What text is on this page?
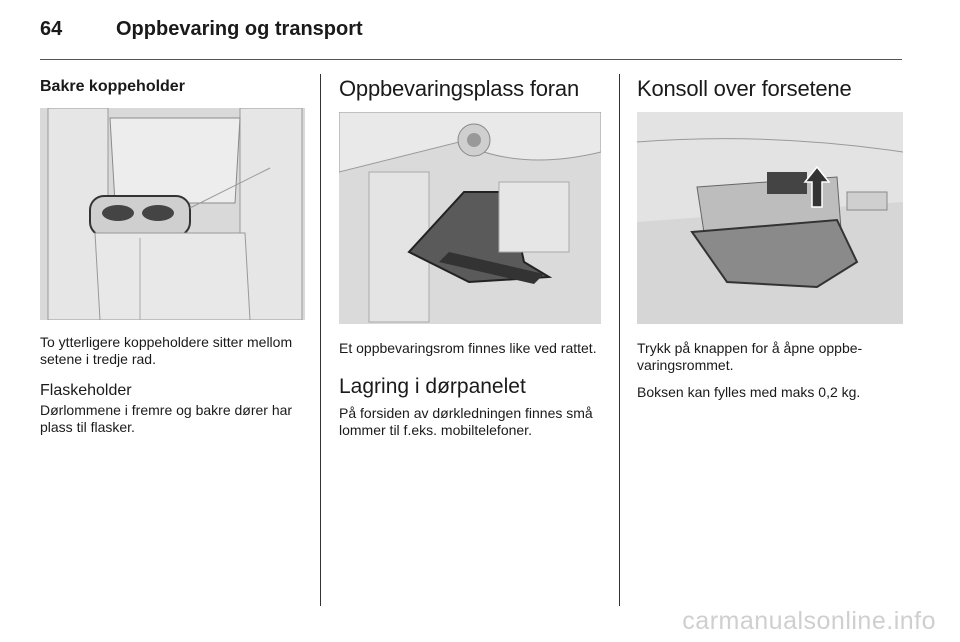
64	Oppbevaring og transport
Bakre koppeholder

To ytterligere koppeholdere sitter mellom setene i tredje rad.

Flaskeholder

Dørlommene i fremre og bakre dører har plass til flasker.

Oppbevaringsplass foran

Et oppbevaringsrom finnes like ved rattet.

Lagring i dørpanelet

På forsiden av dørkledningen finnes små lommer til f.eks. mobiltelefoner.

Konsoll over forsetene

Trykk på knappen for å åpne oppbe-varingsrommet.

Boksen kan fylles med maks 0,2 kg.

carmanualsonline.info
